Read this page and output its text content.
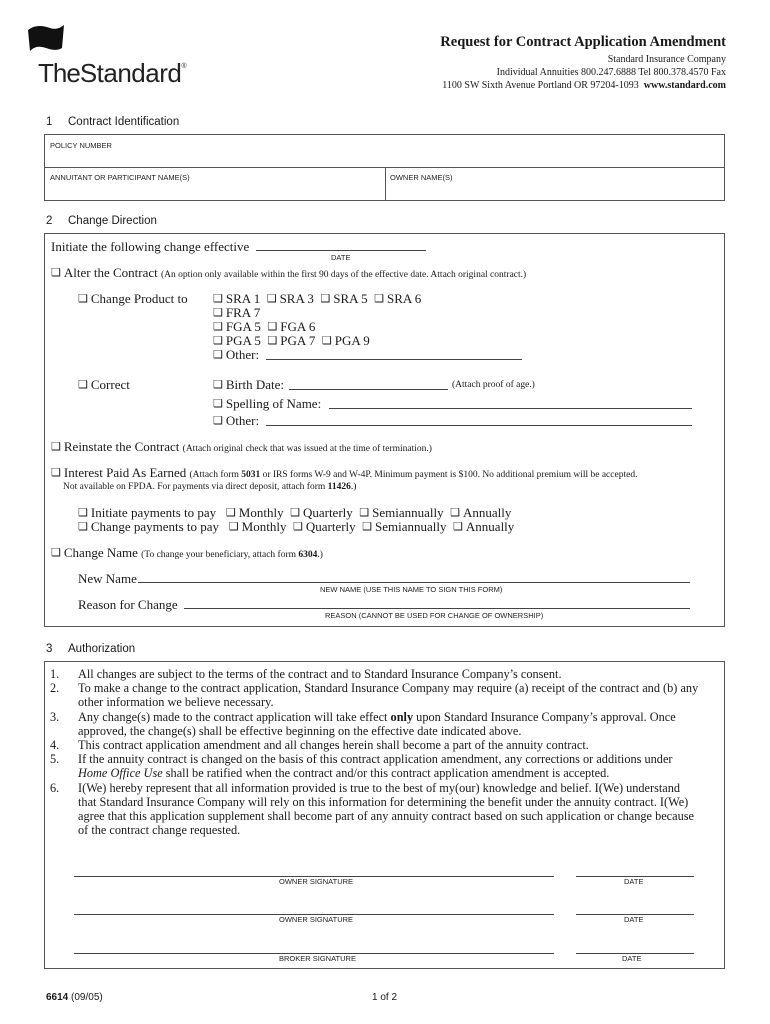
TheStandard®
Request for Contract Application Amendment
Standard Insurance Company
Individual Annuities 800.247.6888 Tel 800.378.4570 Fax
1100 SW Sixth Avenue Portland OR 97204-1093 www.standard.com
1 Contract Identification
POLICY NUMBER
ANNUITANT OR PARTICIPANT NAME(S)	OWNER NAME(S)
2 Change Direction
Initiate the following change effective
DATE
❑ Alter the Contract (An option only available within the first 90 days of the effective date. Attach original contract.)
❑ Change Product to ❑ SRA 1 ❑ SRA 3 ❑ SRA 5 ❑ SRA 6
❑ FRA 7
❑ FGA 5 ❑ FGA 6
❑ PGA 5 ❑ PGA 7 ❑ PGA 9
❑ Other:
❑ Correct	❑ Birth Date:	(Attach proof of age.)
❑ Spelling of Name:
❑ Other:
❑ Reinstate the Contract (Attach original check that was issued at the time of termination.)
❑ Interest Paid As Earned (Attach form 5031 or IRS forms W-9 and W-4P. Minimum payment is $100. No additional premium will be accepted.
Not available on FPDA. For payments via direct deposit, attach form 11426.)
❑ Initiate payments to pay ❑ Monthly ❑ Quarterly ❑ Semiannually ❑ Annually
❑ Change payments to pay ❑ Monthly ❑ Quarterly ❑ Semiannually ❑ Annually
❑ Change Name (To change your beneficiary, attach form 6304.)
New Name
NEW NAME (USE THIS NAME TO SIGN THIS FORM)
Reason for Change
REASON (CANNOT BE USED FOR CHANGE OF OWNERSHIP)
3 Authorization
1. All changes are subject to the terms of the contract and to Standard Insurance Company’s consent.
2. To make a change to the contract application, Standard Insurance Company may require (a) receipt of the contract and (b) any other information we believe necessary.
3. Any change(s) made to the contract application will take effect only upon Standard Insurance Company’s approval. Once approved, the change(s) shall be effective beginning on the effective date indicated above.
4. This contract application amendment and all changes herein shall become a part of the annuity contract.
5. If the annuity contract is changed on the basis of this contract application amendment, any corrections or additions under Home Office Use shall be ratified when the contract and/or this contract application amendment is accepted.
6. I(We) hereby represent that all information provided is true to the best of my(our) knowledge and belief. I(We) understand that Standard Insurance Company will rely on this information for determining the benefit under the annuity contract. I(We) agree that this application supplement shall become part of any annuity contract based on such application or change because of the contract change requested.
OWNER SIGNATURE	DATE
OWNER SIGNATURE	DATE
BROKER SIGNATURE	DATE
6614 (09/05)	1 of 2
